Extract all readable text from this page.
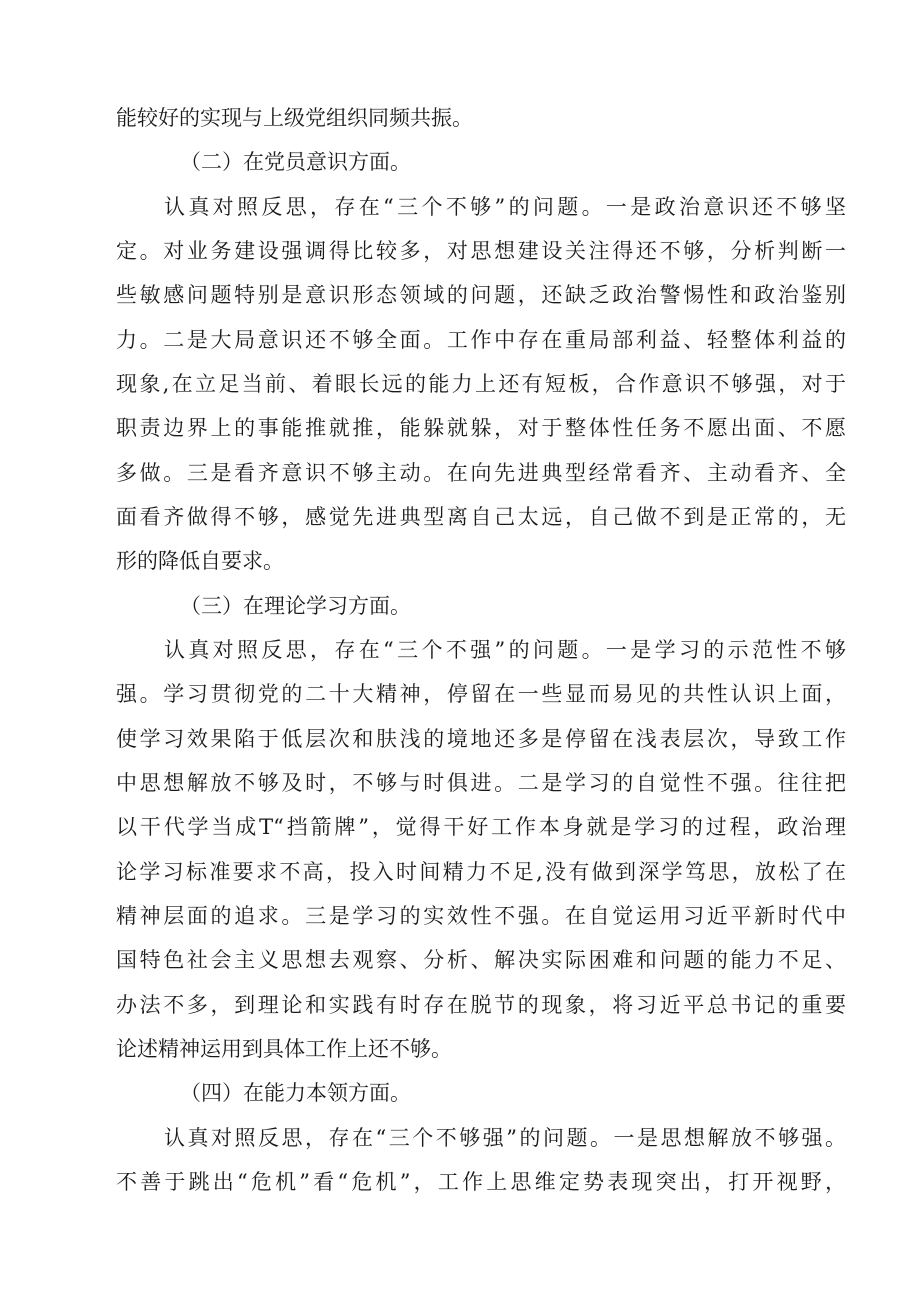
能较好的实现与上级党组织同频共振。
（二）在党员意识方面。
认真对照反思，存在“三个不够”的问题。一是政治意识还不够坚
定。对业务建设强调得比较多，对思想建设关注得还不够，分析判断一
些敏感问题特别是意识形态领域的问题，还缺乏政治警惕性和政治鉴别
力。二是大局意识还不够全面。工作中存在重局部利益、轻整体利益的
现象,在立足当前、着眼长远的能力上还有短板，合作意识不够强，对于
职责边界上的事能推就推，能躲就躲，对于整体性任务不愿出面、不愿
多做。三是看齐意识不够主动。在向先进典型经常看齐、主动看齐、全
面看齐做得不够，感觉先进典型离自己太远，自己做不到是正常的，无
形的降低自要求。
（三）在理论学习方面。
认真对照反思，存在“三个不强”的问题。一是学习的示范性不够
强。学习贯彻党的二十大精神，停留在一些显而易见的共性认识上面，
使学习效果陷于低层次和肤浅的境地还多是停留在浅表层次，导致工作
中思想解放不够及时，不够与时俱进。二是学习的自觉性不强。往往把
以干代学当成T“挡箭牌”，觉得干好工作本身就是学习的过程，政治理
论学习标准要求不高，投入时间精力不足,没有做到深学笃思，放松了在
精神层面的追求。三是学习的实效性不强。在自觉运用习近平新时代中
国特色社会主义思想去观察、分析、解决实际困难和问题的能力不足、
办法不多，到理论和实践有时存在脱节的现象，将习近平总书记的重要
论述精神运用到具体工作上还不够。
（四）在能力本领方面。
认真对照反思，存在“三个不够强”的问题。一是思想解放不够强。
不善于跳出“危机”看“危机”，工作上思维定势表现突出，打开视野，
